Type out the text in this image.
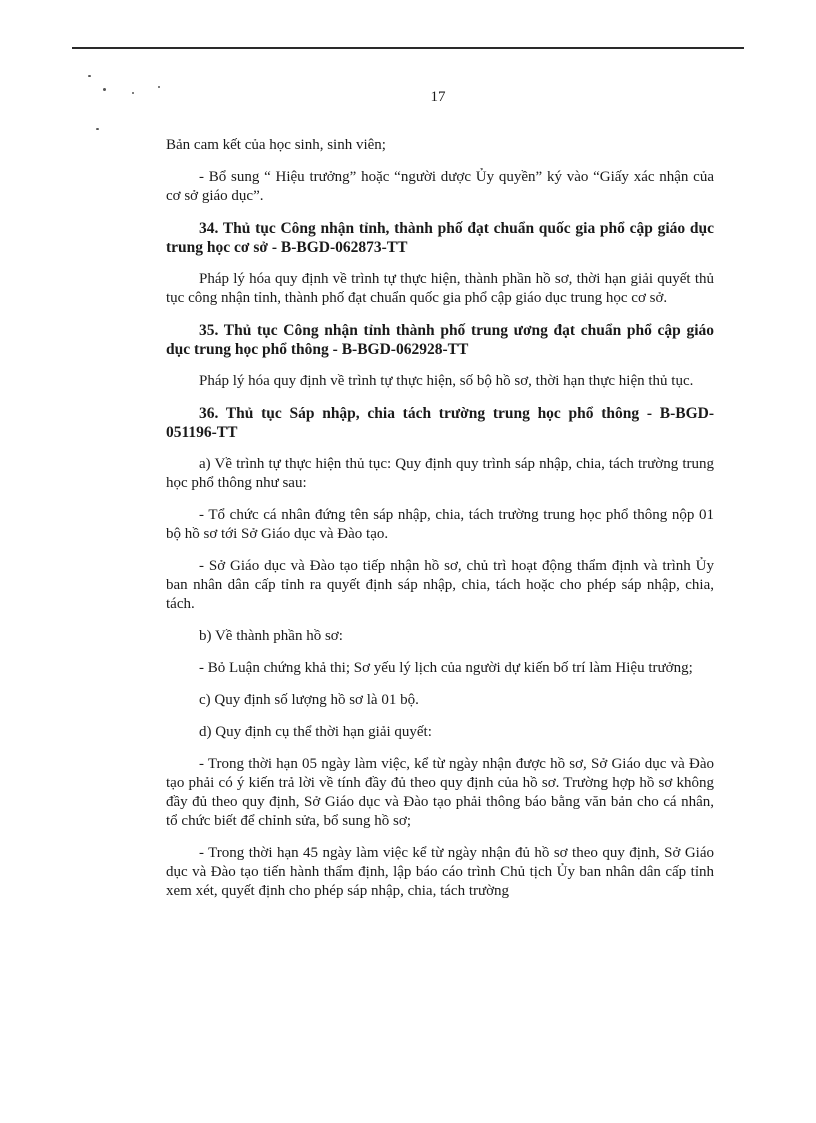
17

Bản cam kết của học sinh, sinh viên;

- Bổ sung “ Hiệu trưởng” hoặc “người dược Ủy quyền” ký vào “Giấy xác nhận của cơ sở giáo dục”.

34. Thủ tục Công nhận tỉnh, thành phố đạt chuẩn quốc gia phổ cập giáo dục trung học cơ sở - B-BGD-062873-TT

Pháp lý hóa quy định về trình tự thực hiện, thành phần hồ sơ, thời hạn giải quyết thủ tục công nhận tỉnh, thành phố đạt chuẩn quốc gia phổ cập giáo dục trung học cơ sở.

35. Thủ tục Công nhận tỉnh thành phố trung ương đạt chuẩn phổ cập giáo dục trung học phổ thông - B-BGD-062928-TT

Pháp lý hóa quy định về trình tự thực hiện, số bộ hồ sơ, thời hạn thực hiện thủ tục.

36. Thủ tục Sáp nhập, chia tách trường trung học phổ thông - B-BGD-051196-TT

a) Về trình tự thực hiện thủ tục: Quy định quy trình sáp nhập, chia, tách trường trung học phổ thông như sau:

- Tổ chức cá nhân đứng tên sáp nhập, chia, tách trường trung học phổ thông nộp 01 bộ hồ sơ tới Sở Giáo dục và Đào tạo.

- Sở Giáo dục và Đào tạo tiếp nhận hồ sơ, chủ trì hoạt động thẩm định và trình Ủy ban nhân dân cấp tỉnh ra quyết định sáp nhập, chia, tách hoặc cho phép sáp nhập, chia, tách.

b) Về thành phần hồ sơ:

- Bỏ Luận chứng khả thi; Sơ yếu lý lịch của người dự kiến bố trí làm Hiệu trưởng;

c) Quy định số lượng hồ sơ là 01 bộ.

d) Quy định cụ thể thời hạn giải quyết:

- Trong thời hạn 05 ngày làm việc, kể từ ngày nhận được hồ sơ, Sở Giáo dục và Đào tạo phải có ý kiến trả lời về tính đầy đủ theo quy định của hồ sơ. Trường hợp hồ sơ không đầy đủ theo quy định, Sở Giáo dục và Đào tạo phải thông báo bằng văn bản cho cá nhân, tổ chức biết để chỉnh sửa, bổ sung hồ sơ;

- Trong thời hạn 45 ngày làm việc kể từ ngày nhận đủ hồ sơ theo quy định, Sở Giáo dục và Đào tạo tiến hành thẩm định, lập báo cáo trình Chủ tịch Ủy ban nhân dân cấp tỉnh xem xét, quyết định cho phép sáp nhập, chia, tách trường
